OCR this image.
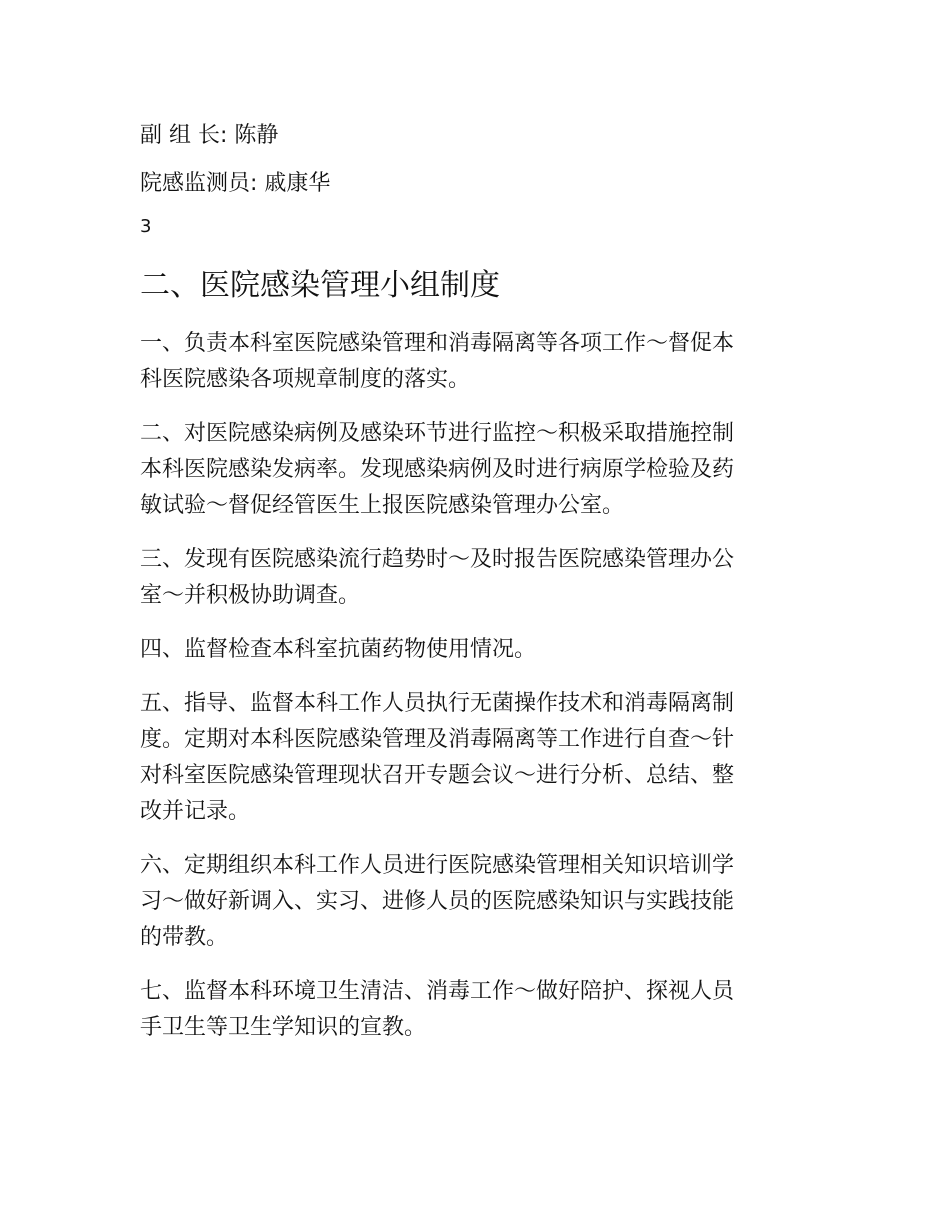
副 组 长: 陈静
院感监测员: 戚康华
3
二、医院感染管理小组制度
一、负责本科室医院感染管理和消毒隔离等各项工作～督促本
科医院感染各项规章制度的落实。
二、对医院感染病例及感染环节进行监控～积极采取措施控制
本科医院感染发病率。发现感染病例及时进行病原学检验及药
敏试验～督促经管医生上报医院感染管理办公室。
三、发现有医院感染流行趋势时～及时报告医院感染管理办公
室～并积极协助调查。
四、监督检查本科室抗菌药物使用情况。
五、指导、监督本科工作人员执行无菌操作技术和消毒隔离制
度。定期对本科医院感染管理及消毒隔离等工作进行自查～针
对科室医院感染管理现状召开专题会议～进行分析、总结、整
改并记录。
六、定期组织本科工作人员进行医院感染管理相关知识培训学
习～做好新调入、实习、进修人员的医院感染知识与实践技能
的带教。
七、监督本科环境卫生清洁、消毒工作～做好陪护、探视人员
手卫生等卫生学知识的宣教。
